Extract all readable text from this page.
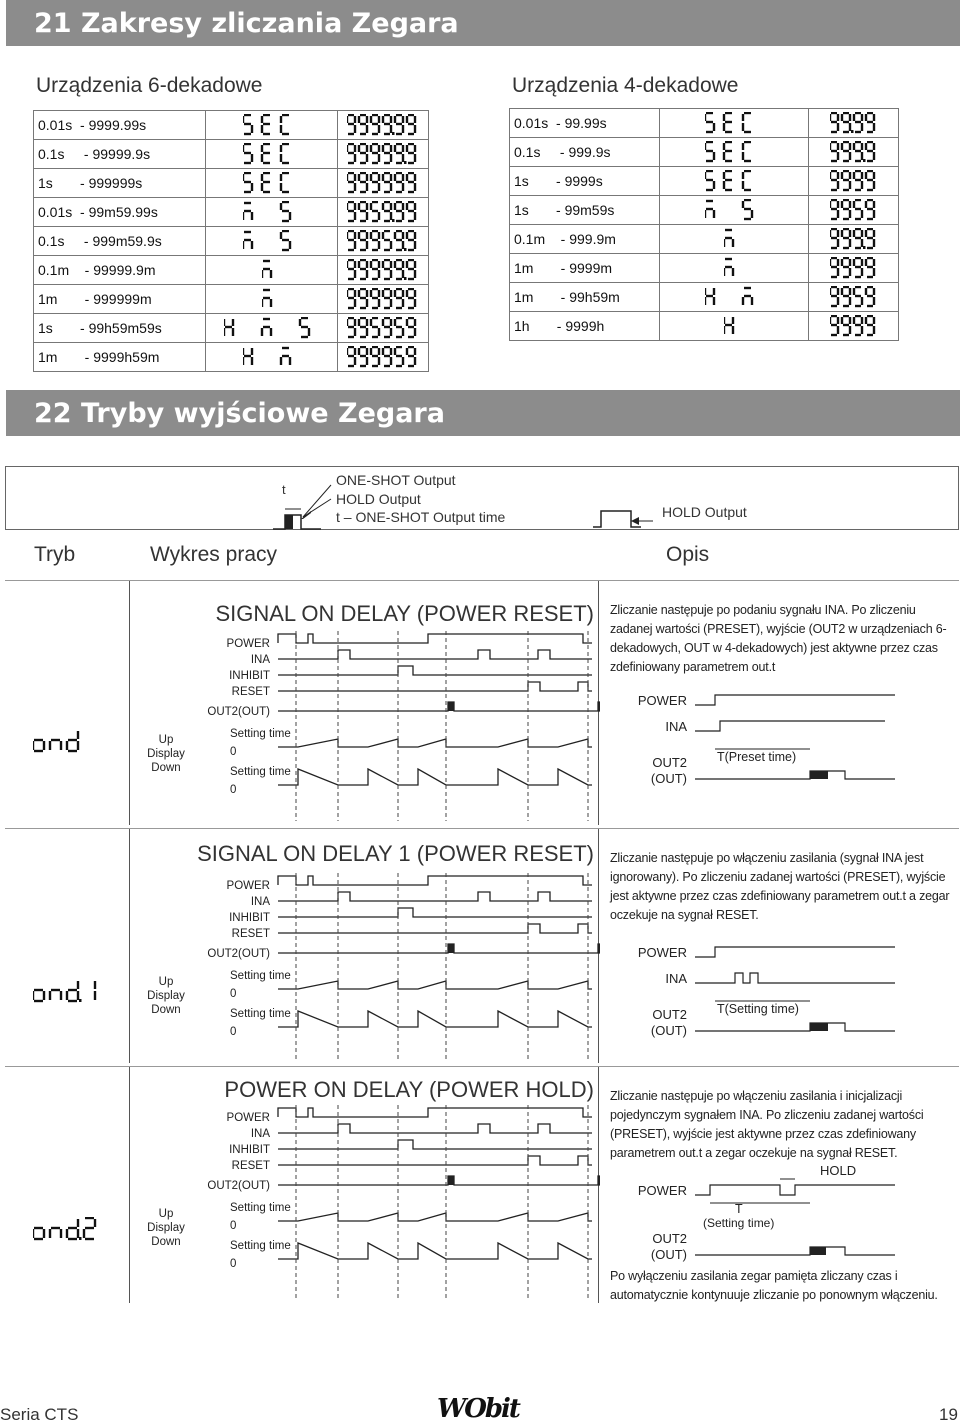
21 Zakresy zliczania Zegara
Urządzenia 6-dekadowe	Urządzenia 4-dekadowe
0.01s  - 9999.99s	

0.1s     - 99999.9s	

1s       - 999999s	

0.01s  - 99m59.99s	

0.1s     - 999m59.9s	

0.1m    - 99999.9m	

1m       - 999999m	

1s       - 99h59m59s	

1m       - 9999h59m	

0.01s  - 99.99s	

0.1s     - 999.9s	

1s       - 9999s	

1s       - 99m59s	

0.1m    - 999.9m	

1m       - 9999m	

1m       - 99h59m	

1h       - 9999h	

22 Tryby wyjściowe Zegara
t
ONE-SHOT Output
HOLD Output
t – ONE-SHOT Output time	HOLD Output
Tryb	Wykres pracy	Opis
SIGNAL ON DELAY (POWER RESET)
POWER
INA
INHIBIT
RESET
OUT2(OUT)
Setting time
0
Setting time
0
Up
Display
Down
Zliczanie następuje po podaniu sygnału INA. Po zliczeniu zadanej wartości (PRESET), wyjście (OUT2 w urządzeniach 6-dekadowych, OUT w 4-dekadowych) jest aktywne przez czas zdefiniowany parametrem out.t
POWER
INA
OUT2
(OUT)
T(Preset time)
SIGNAL ON DELAY 1 (POWER RESET)
POWER
INA
INHIBIT
RESET
OUT2(OUT)
Setting time
0
Setting time
0
Up
Display
Down
Zliczanie następuje po włączeniu zasilania (sygnał INA jest ignorowany). Po zliczeniu zadanej wartości (PRESET), wyjście jest aktywne przez czas zdefiniowany parametrem out.t a zegar oczekuje na sygnał RESET.
POWER
INA
OUT2
(OUT)
T(Setting time)
POWER ON DELAY (POWER HOLD)
POWER
INA
INHIBIT
RESET
OUT2(OUT)
Setting time
0
Setting time
0
Up
Display
Down
Zliczanie następuje po włączeniu zasilania i inicjalizacji pojedynczym sygnałem INA. Po zliczeniu zadanej wartości (PRESET), wyjście jest aktywne przez czas zdefiniowany parametrem out.t a zegar oczekuje na sygnał RESET.
HOLD
POWER
OUT2
(OUT)
T
(Setting time)
Po wyłączeniu zasilania zegar pamięta zliczany czas i automatycznie kontynuuje zliczanie po ponownym włączeniu.
Seria CTS	WObit	19
